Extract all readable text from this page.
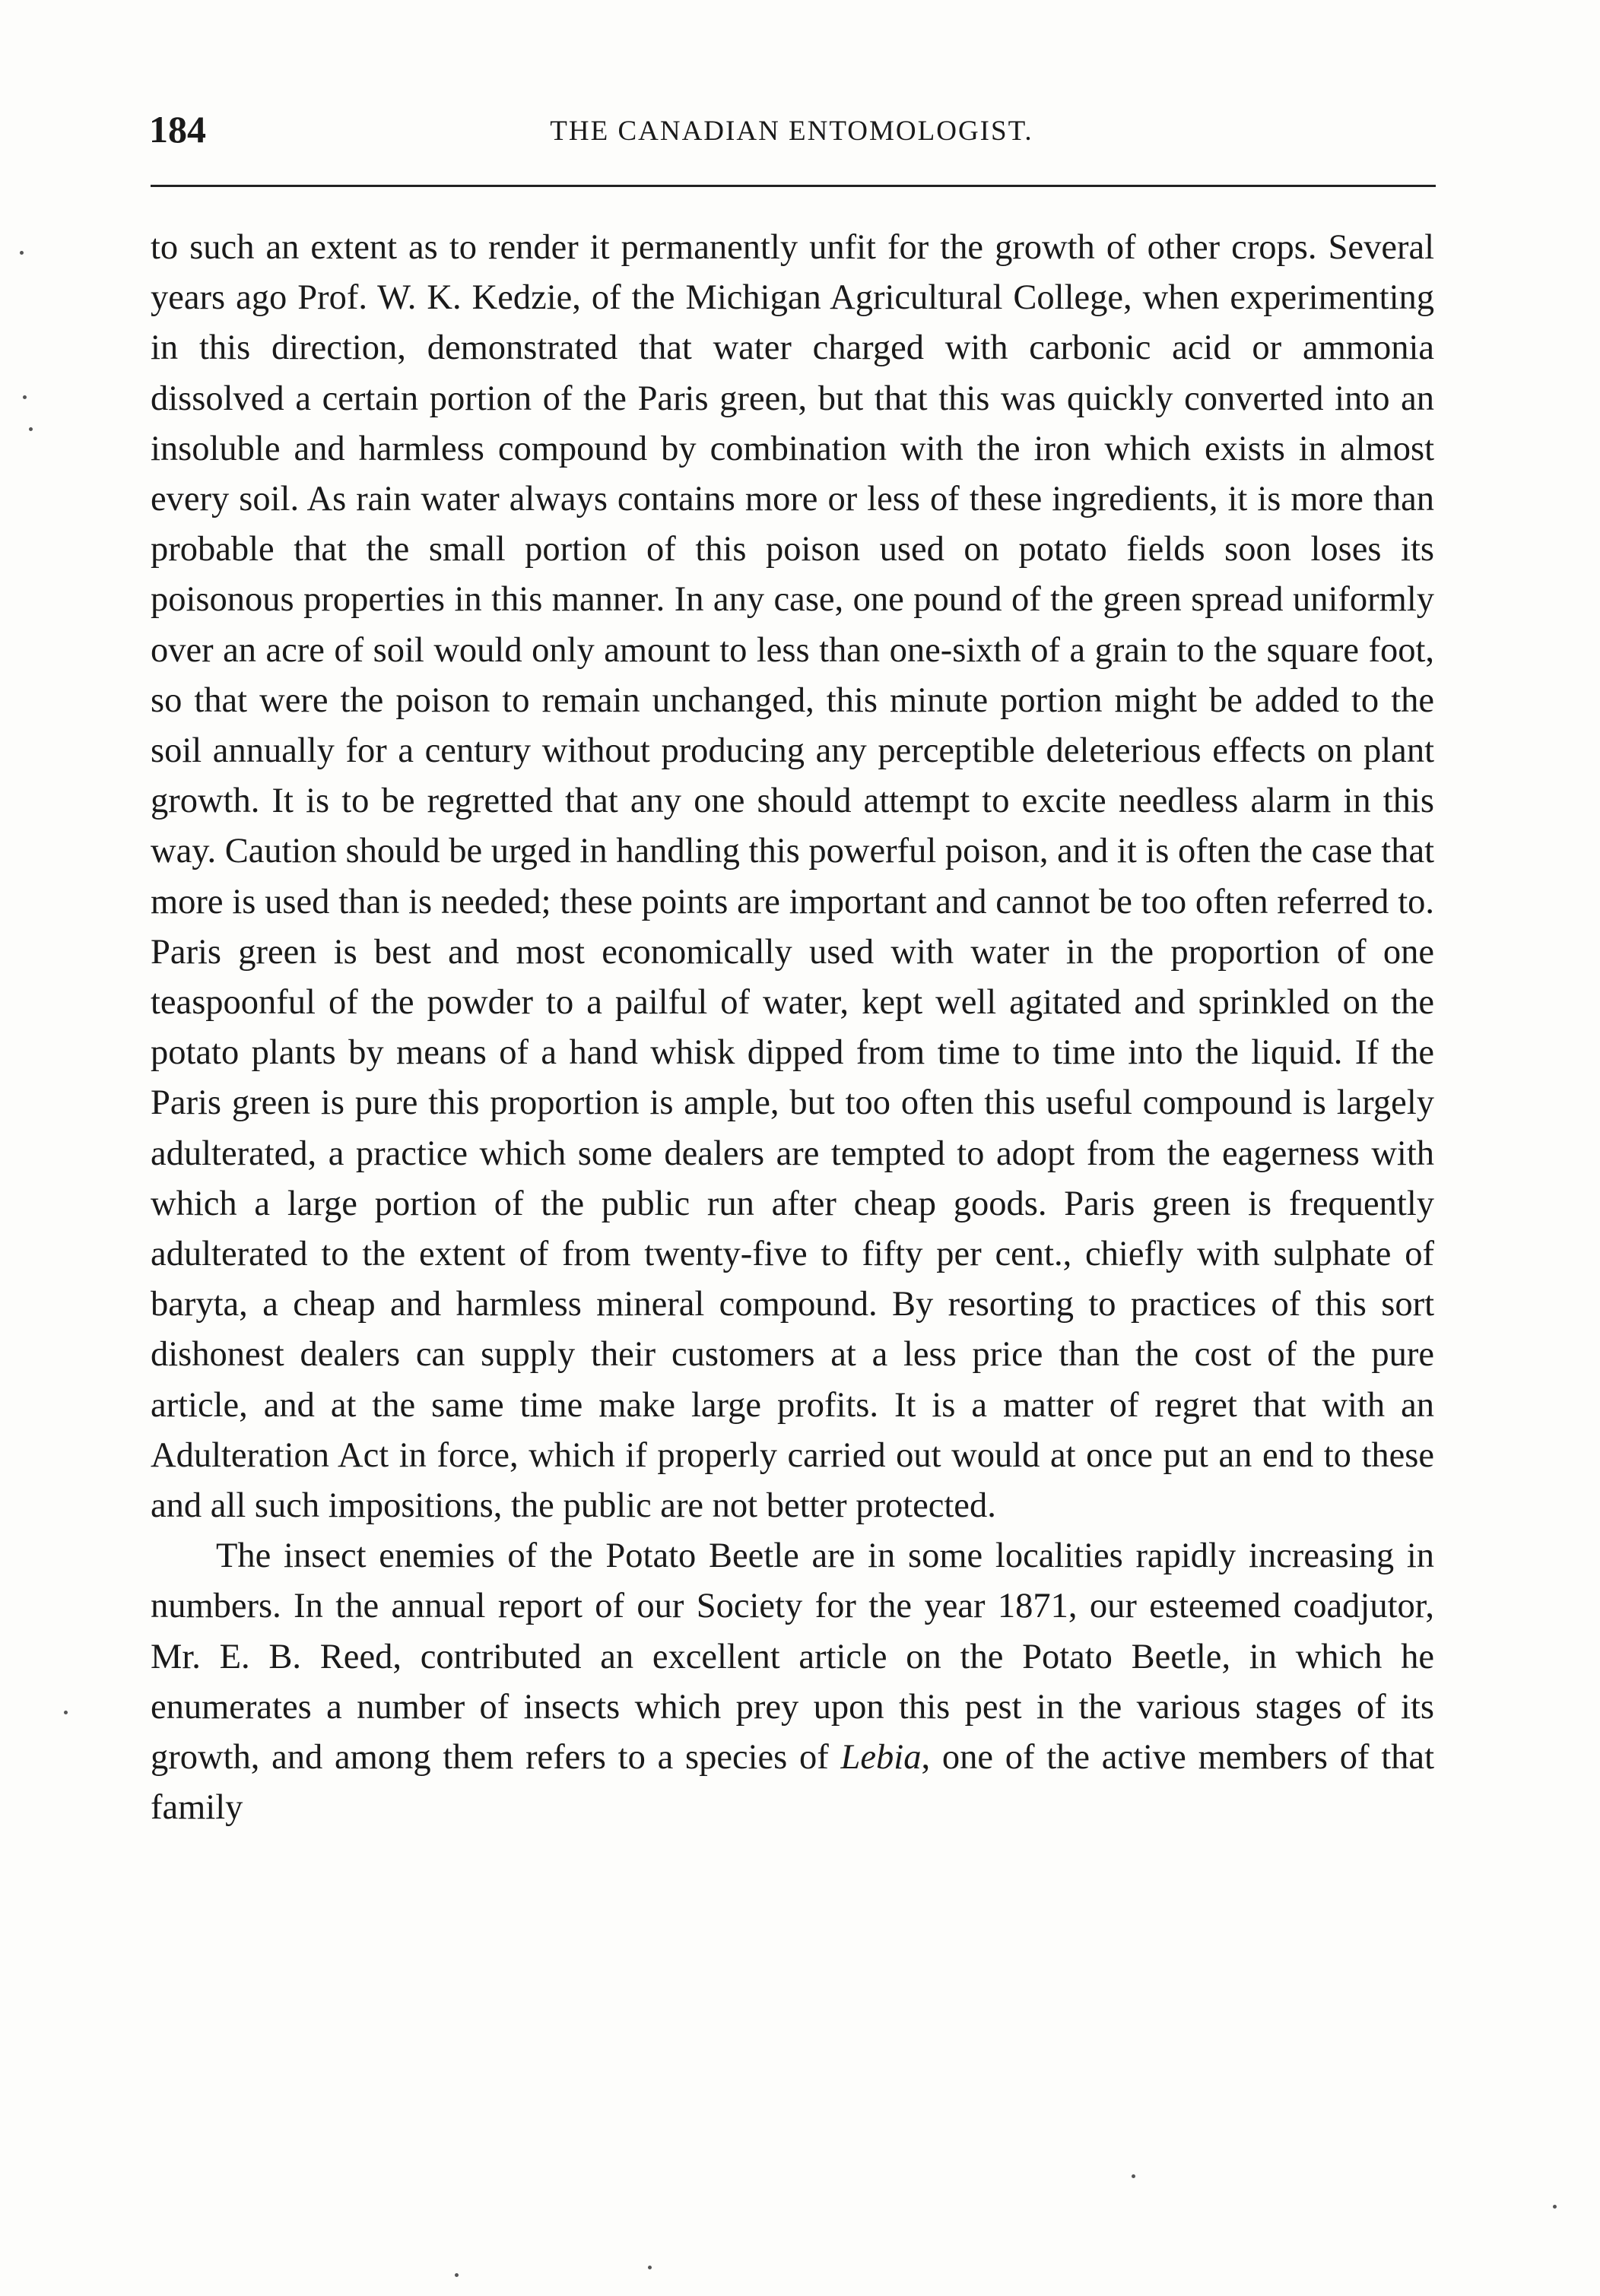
184	THE CANADIAN ENTOMOLOGIST.

to such an extent as to render it permanently unfit for the growth of other crops. Several years ago Prof. W. K. Kedzie, of the Michigan Agricultural College, when experimenting in this direction, demonstrated that water charged with carbonic acid or ammonia dissolved a certain portion of the Paris green, but that this was quickly converted into an insoluble and harmless compound by combination with the iron which exists in almost every soil. As rain water always contains more or less of these ingredients, it is more than probable that the small portion of this poison used on potato fields soon loses its poisonous properties in this manner. In any case, one pound of the green spread uniformly over an acre of soil would only amount to less than one-sixth of a grain to the square foot, so that were the poison to remain unchanged, this minute portion might be added to the soil annually for a century without producing any perceptible deleterious effects on plant growth. It is to be regretted that any one should attempt to excite needless alarm in this way. Caution should be urged in handling this powerful poison, and it is often the case that more is used than is needed; these points are important and cannot be too often referred to. Paris green is best and most economically used with water in the proportion of one teaspoonful of the powder to a pailful of water, kept well agitated and sprinkled on the potato plants by means of a hand whisk dipped from time to time into the liquid. If the Paris green is pure this proportion is ample, but too often this useful compound is largely adulterated, a practice which some dealers are tempted to adopt from the eagerness with which a large portion of the public run after cheap goods. Paris green is frequently adulterated to the extent of from twenty-five to fifty per cent., chiefly with sulphate of baryta, a cheap and harmless mineral compound. By resorting to practices of this sort dishonest dealers can supply their customers at a less price than the cost of the pure article, and at the same time make large profits. It is a matter of regret that with an Adulteration Act in force, which if properly carried out would at once put an end to these and all such impositions, the public are not better protected.

The insect enemies of the Potato Beetle are in some localities rapidly increasing in numbers. In the annual report of our Society for the year 1871, our esteemed coadjutor, Mr. E. B. Reed, contributed an excellent article on the Potato Beetle, in which he enumerates a number of insects which prey upon this pest in the various stages of its growth, and among them refers to a species of Lebia, one of the active members of that family
